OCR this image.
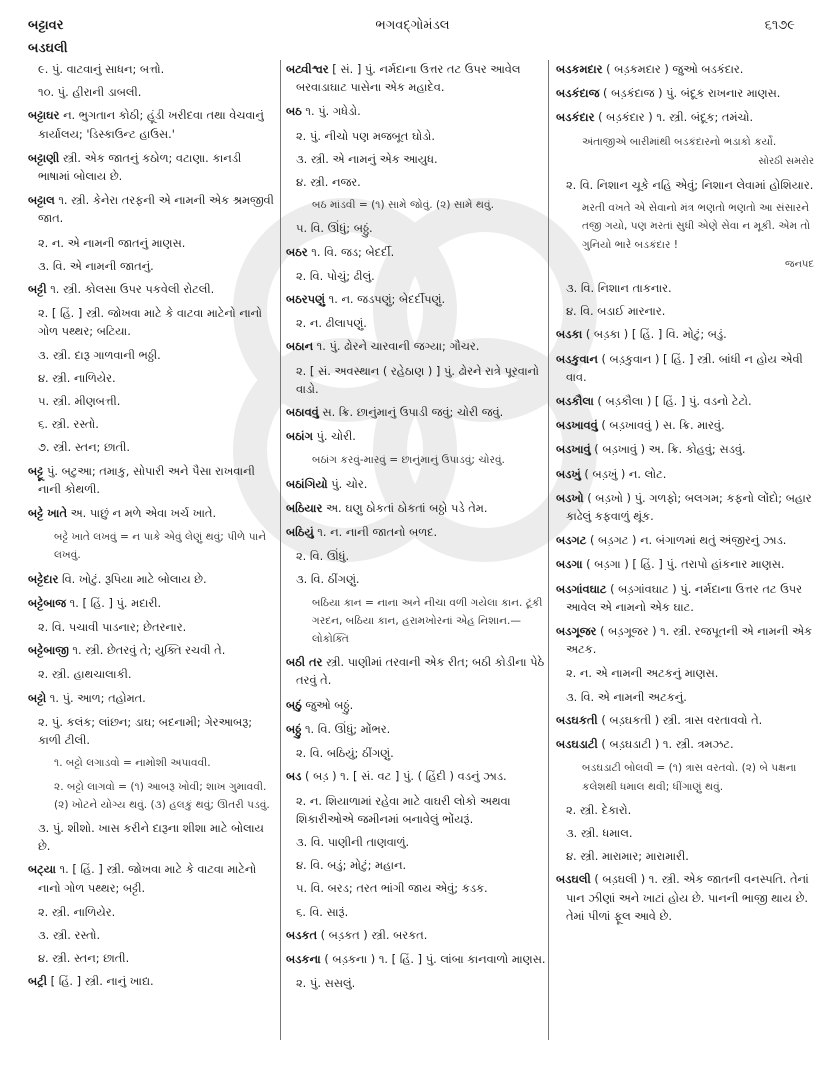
બટ્ટાવર
બડઘલી
ભગવદ્ગોમંડલ	૬૧૭૯
૯. પું. વાટવાનું સાધન; બત્તો.
૧૦. પું. હીરાની ડાબલી.
બટ્ટાઘર ન. ભુગતાન કોઠી; હૂંડી ખરીદવા તથા વેચવાનું કાર્યાલય; 'ડિસ્કાઉન્ટ હાઉસ.'
બટ્ટાણી સ્ત્રી. એક જાતનું કઠોળ; વટાણા. કાનડી ભાષામાં બોલાય છે.
બટ્ટાલ ૧. સ્ત્રી. કેનેરા તરફની એ નામની એક શ્રમજીવી જાત.
૨. ન. એ નામની જાતનું માણસ.
૩. વિ. એ નામની જાતનું.
બટ્ટી ૧. સ્ત્રી. કોલસા ઉપર પકવેલી રોટલી.
૨. [ હિં. ] સ્ત્રી. જોખવા માટે કે વાટવા માટેનો નાનો ગોળ પથ્થર; બટિયા.
૩. સ્ત્રી. દારૂ ગાળવાની ભઠ્ઠી.
૪. સ્ત્રી. નાળિયેર.
૫. સ્ત્રી. મીણબત્તી.
૬. સ્ત્રી. રસ્તો.
૭. સ્ત્રી. સ્તન; છાતી.
બટ્ટૂ પું. બટુઆ; તમાકુ, સોપારી અને પૈસા રાખવાની નાની કોથળી.
બટ્ટે ખાતે અ. પાછું ન મળે એવા ખર્ચ ખાતે.
બટ્ટે ખાતે લખવું = ન પાકે એવું લેણું થવું; પીળે પાને લખવું.
બટ્ટેદાર વિ. ખોટું. રૂપિયા માટે બોલાય છે.
બટ્ટેબાજ ૧. [ હિં. ] પું. મદારી.
૨. વિ. પચાવી પાડનાર; છેતરનાર.
બટ્ટેબાજી ૧. સ્ત્રી. છેતરવું તે; યુક્તિ રચવી તે.
૨. સ્ત્રી. હાથચાલાકી.
બટ્ટો ૧. પું. આળ; તહોમત.
૨. પું. કલંક; લાંછન; ડાઘ; બદનામી; ગેરઆબરૂ; કાળી ટીલી.
૧. બટ્ટો લગાડવો = નામોશી અપાવવી.
૨. બટ્ટો લાગવો = (૧) આબરૂ ખોવી; શાખ ગુમાવવી. (૨) ખોટને યોગ્ય થવું. (૩) હલકું થવું; ઊતરી પડવું.
૩. પું. શીશો. ખાસ કરીને દારૂના શીશા માટે બોલાય છે.
બટ્યા ૧. [ હિં. ] સ્ત્રી. જોખવા માટે કે વાટવા માટેનો નાનો ગોળ પથ્થર; બટ્ટી.
૨. સ્ત્રી. નાળિયેર.
૩. સ્ત્રી. રસ્તો.
૪. સ્ત્રી. સ્તન; છાતી.
બટ્રી [ હિં. ] સ્ત્રી. નાનું ખાદ્ય.
બટ્વીશ્વર [ સં. ] પું. નર્મદાના ઉત્તર તટ ઉપર આવેલ બરવાડાઘાટ પાસેના એક મહાદેવ.
બઠ ૧. પું. ગધેડો.
૨. પું. નીચો પણ મજબૂત ઘોડો.
૩. સ્ત્રી. એ નામનું એક આયુધ.
૪. સ્ત્રી. નજર.
બઠ માંડવી = (૧) સામે જોવું. (૨) સામે થવું.
૫. વિ. ઊંધું; બઠ્ઠું.
બઠર ૧. વિ. જડ; બેદર્દી.
૨. વિ. પોચું; ઢીલું.
બઠરપણું ૧. ન. જડપણું; બેદર્દીપણું.
૨. ન. ઢીલાપણું.
બઠાન ૧. પું. ઢોરને ચારવાની જગ્યા; ગૌચર.
૨. [ સં. અવસ્થાન ( રહેઠાણ ) ] પું. ઢોરને રાત્રે પૂરવાનો વાડો.
બઠાવવું સ. ક્રિ. છાનુંમાનું ઉપાડી જવું; ચોરી જવું.
બઠાંગ પું. ચોરી.
બઠાંગ કરવું-મારવું = છાનુંમાનું ઉપાડવું; ચોરવું.
બઠાંગિયો પું. ચોર.
બઠિયાર અ. ઘણુ ઠોકતાં ઠોકતાં બઠ્ઠો પડે તેમ.
બઠિયું ૧. ન. નાની જાતનો બળદ.
૨. વિ. ઊંધું.
૩. વિ. ઠીંગણું.
બઠિયા કાન = નાના અને નીચા વળી ગયેલા કાન. ટૂંકી ગરદન, બઠિયા કાન, હરામખોરનાં એહ નિશાન.—લોકોક્તિ
બઠી તર સ્ત્રી. પાણીમાં તરવાની એક રીત; બઠી કોડીના પેઠે તરવું તે.
બઠું જુઓ બઠ્ઠું.
બઠ્ઠું ૧. વિ. ઊંધું; મોંભર.
૨. વિ. બઠિયું; ઠીંગણું.
બડ ( બડ઼ ) ૧. [ સં. વટ ] પું. ( હિંદી ) વડનું ઝાડ.
૨. ન. શિયાળામાં રહેવા માટે વાઘરી લોકો અથવા શિકારીઓએ જમીનમાં બનાવેલું ભોંયરૂં.
૩. વિ. પાણીની તાણવાળું.
૪. વિ. બડું; મોટું; મહાન.
૫. વિ. બરડ; તરત ભાંગી જાય એવું; કડક.
૬. વિ. સારૂં.
બડકત ( બડ઼કત ) સ્ત્રી. બરકત.
બડકના ( બડ઼કના ) ૧. [ હિં. ] પું. લાંબા કાનવાળો માણસ.
૨. પું. સસલું.
બડકમદાર ( બડ઼કમદાર ) જુઓ બડકંદાર.
બડકંદાજ ( બડ઼કંદાજ ) પું. બંદૂક રાખનાર માણસ.
બડકંદાર ( બડ઼કંદાર ) ૧. સ્ત્રી. બંદૂક; તમંચો.
અંતાજીએ બારીમાંથી બડકંદારનો ભડાકો કર્યો.
સોરઠી સમરોર
૨. વિ. નિશાન ચૂકે નહિ એવું; નિશાન લેવામાં હોશિયાર.
મરતી વખતે એ સેવાનો મંત્ર ભણતો ભણતો આ સંસારને તજી ગયો, પણ મરતાં સુધી એણે સેવા ન મૂકી. એમ તો ગુનિયો ભારે બડકંદાર !
જનપદ
૩. વિ. નિશાન તાકનાર.
૪. વિ. બડાઈ મારનાર.
બડકા ( બડ઼કા ) [ હિં. ] વિ. મોટું; બડું.
બડકુવાન ( બડ઼કુવાન ) [ હિં. ] સ્ત્રી. બાંધી ન હોય એવી વાવ.
બડકૌલા ( બડ઼કૌલા ) [ હિં. ] પું. વડનો ટેટો.
બડખાવવું ( બડ઼ખાવવું ) સ. ક્રિ. મારવું.
બડખાવું ( બડ઼ખાવું ) અ. ક્રિ. કોહવું; સડવું.
બડખું ( બડ઼ખું ) ન. લોટ.
બડખો ( બડ઼ખો ) પું. ગળફો; બલગમ; કફનો લોંદો; બહાર કાઢેલું કફવાળું થૂંક.
બડગટ ( બડ઼ગટ ) ન. બંગાળમાં થતું અંજીરનું ઝાડ.
બડગા ( બડ઼ગા ) [ હિં. ] પું. તરાપો હાંકનાર માણસ.
બડગાંવઘાટ ( બડ઼ગાંવઘાટ ) પું. નર્મદાના ઉત્તર તટ ઉપર આવેલ એ નામનો એક ઘાટ.
બડગૂજર ( બડ઼ગૂજર ) ૧. સ્ત્રી. રજપૂતની એ નામની એક અટક.
૨. ન. એ નામની અટકનું માણસ.
૩. વિ. એ નામની અટકનું.
બડઘકતી ( બડ઼ઘકતી ) સ્ત્રી. ત્રાસ વરતાવવો તે.
બડઘડાટી ( બડ઼ઘડાટી ) ૧. સ્ત્રી. ત્રમઝટ.
બડઘડાટી બોલવી = (૧) ત્રાસ વરતવો. (૨) બે પક્ષના કલેશથી ધમાલ થવી; ધીંગાણું થવું.
૨. સ્ત્રી. દેકારો.
૩. સ્ત્રી. ધમાલ.
૪. સ્ત્રી. મારામાર; મારામારી.
બડઘલી ( બડ઼ઘલી ) ૧. સ્ત્રી. એક જાતની વનસ્પતિ. તેનાં પાન ઝીણાં અને ખાટાં હોય છે. પાનની ભાજી થાય છે. તેમાં પીળાં ફૂલ આવે છે.
